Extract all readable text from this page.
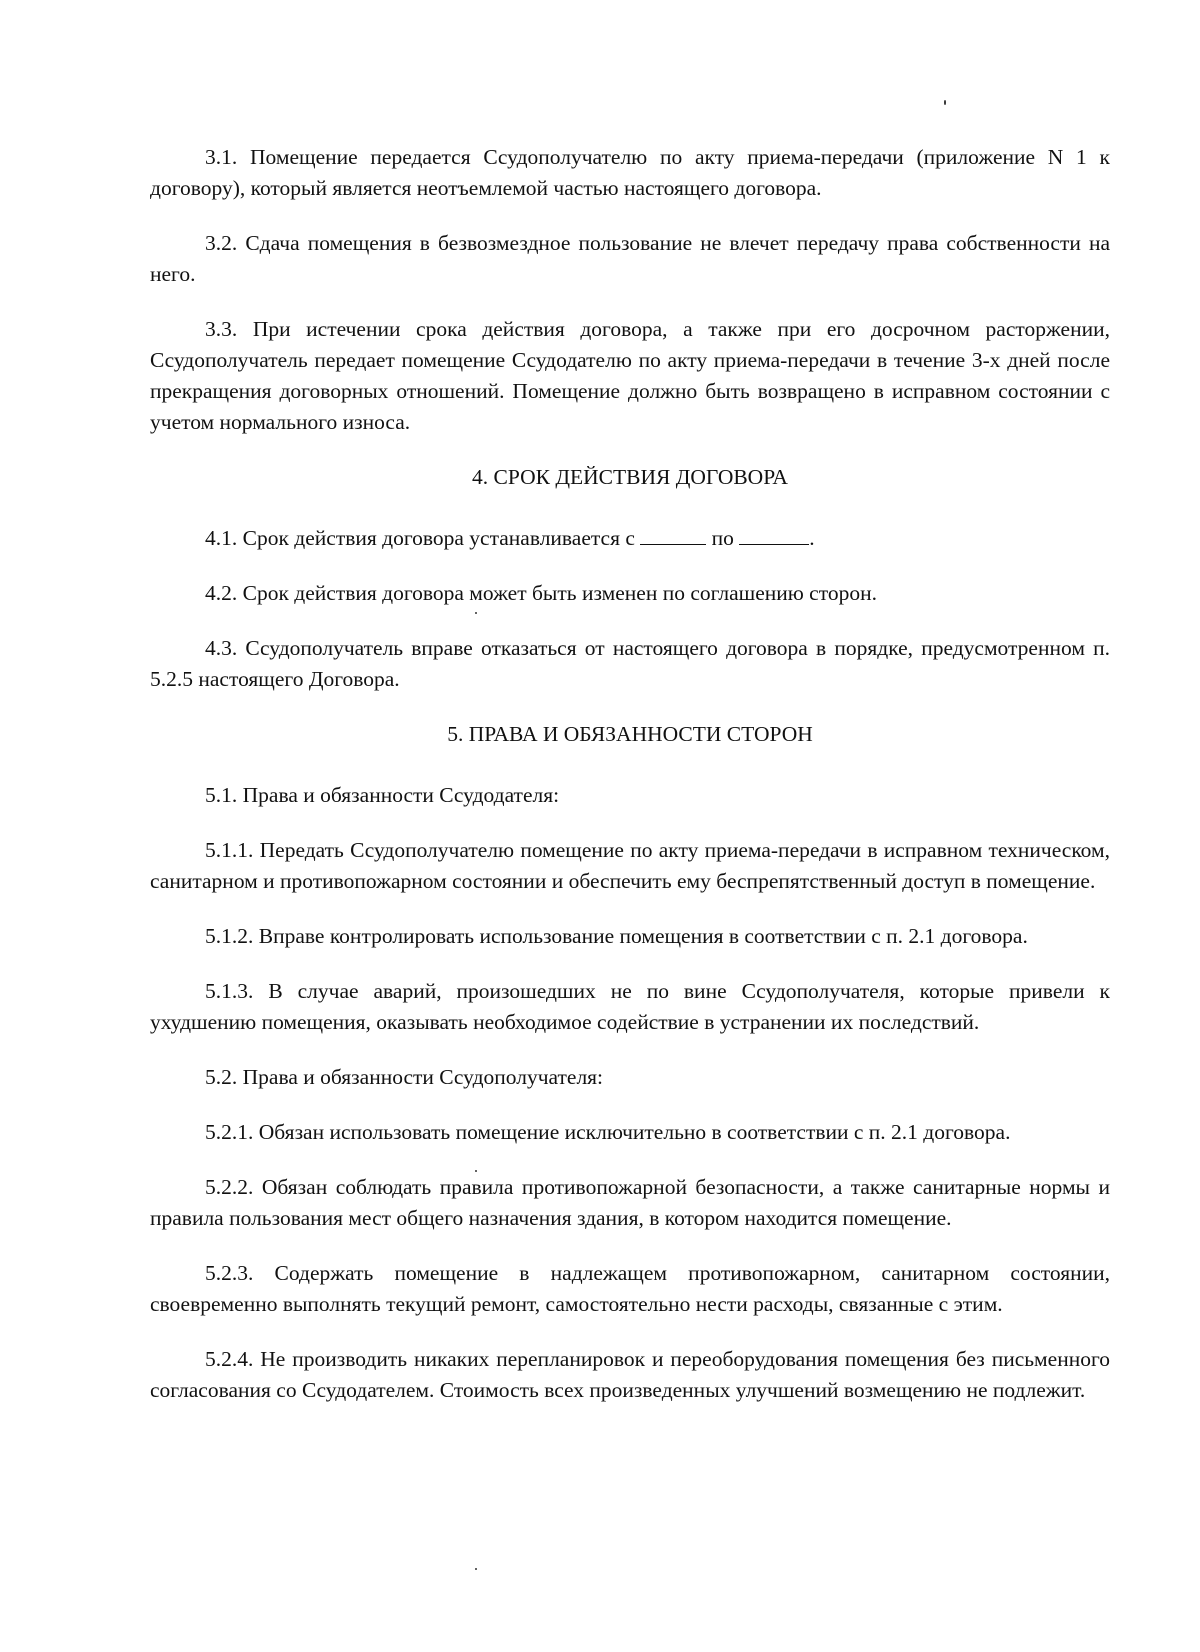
3.1. Помещение передается Ссудополучателю по акту приема-передачи (приложение N 1 к договору), который является неотъемлемой частью настоящего договора.

3.2. Сдача помещения в безвозмездное пользование не влечет передачу права собственности на него.

3.3. При истечении срока действия договора, а также при его досрочном расторжении, Ссудополучатель передает помещение Ссудодателю по акту приема-передачи в течение 3-х дней после прекращения договорных отношений. Помещение должно быть возвращено в исправном состоянии с учетом нормального износа.

4. СРОК ДЕЙСТВИЯ ДОГОВОРА

4.1. Срок действия договора устанавливается с	по	.

4.2. Срок действия договора может быть изменен по соглашению сторон.

4.3. Ссудополучатель вправе отказаться от настоящего договора в порядке, предусмотренном п. 5.2.5 настоящего Договора.

5. ПРАВА И ОБЯЗАННОСТИ СТОРОН

5.1. Права и обязанности Ссудодателя:

5.1.1. Передать Ссудополучателю помещение по акту приема-передачи в исправном техническом, санитарном и противопожарном состоянии и обеспечить ему беспрепятственный доступ в помещение.

5.1.2. Вправе контролировать использование помещения в соответствии с п. 2.1 договора.

5.1.3. В случае аварий, произошедших не по вине Ссудополучателя, которые привели к ухудшению помещения, оказывать необходимое содействие в устранении их последствий.

5.2. Права и обязанности Ссудополучателя:

5.2.1. Обязан использовать помещение исключительно в соответствии с п. 2.1 договора.

5.2.2. Обязан соблюдать правила противопожарной безопасности, а также санитарные нормы и правила пользования мест общего назначения здания, в котором находится помещение.

5.2.3. Содержать помещение в надлежащем противопожарном, санитарном состоянии, своевременно выполнять текущий ремонт, самостоятельно нести расходы, связанные с этим.

5.2.4. Не производить никаких перепланировок и переоборудования помещения без письменного согласования со Ссудодателем. Стоимость всех произведенных улучшений возмещению не подлежит.
